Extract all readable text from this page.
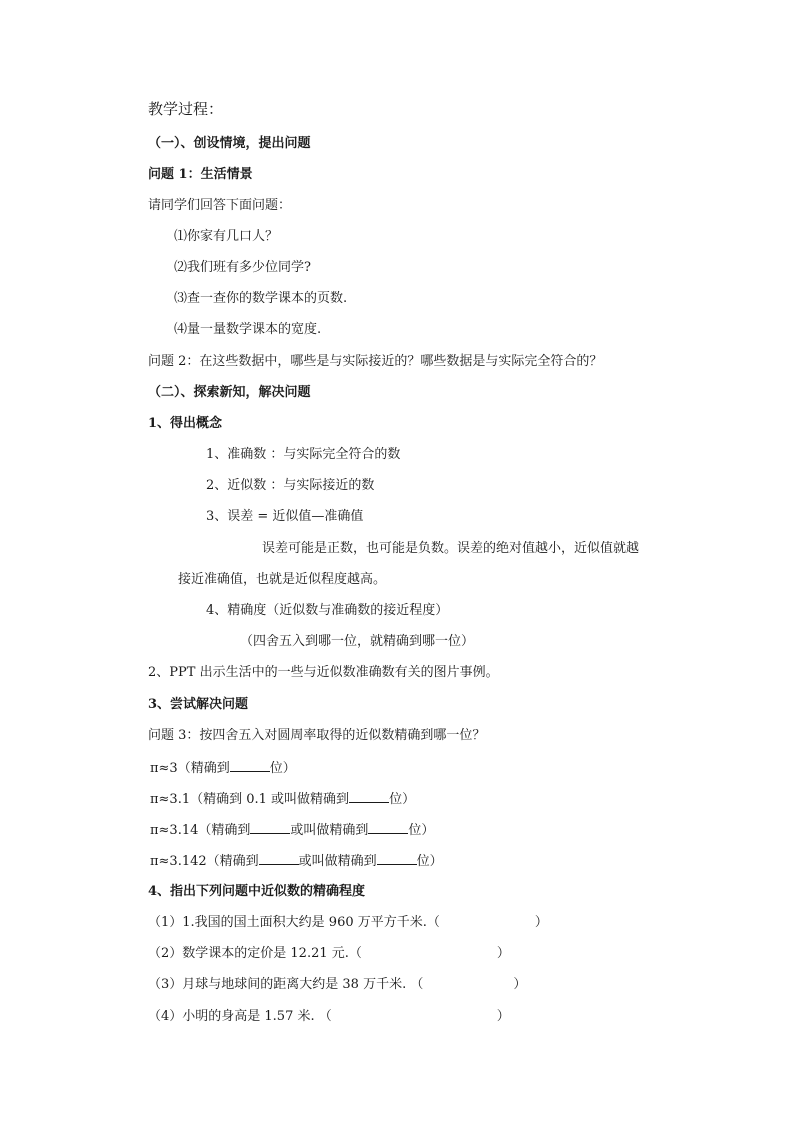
教学过程：
（一）、创设情境，提出问题
问题 1：生活情景
请同学们回答下面问题：
⑴你家有几口人？
⑵我们班有多少位同学?
⑶查一查你的数学课本的页数.
⑷量一量数学课本的宽度.
问题 2：在这些数据中，哪些是与实际接近的？哪些数据是与实际完全符合的？
（二）、探索新知，解决问题
1、得出概念
1、准确数 ：与实际完全符合的数
2、近似数 ：与实际接近的数
3、误差 = 近似值—准确值
误差可能是正数，也可能是负数。误差的绝对值越小，近似值就越
接近准确值，也就是近似程度越高。
4、精确度（近似数与准确数的接近程度）
（四舍五入到哪一位，就精确到哪一位）
2、PPT 出示生活中的一些与近似数准确数有关的图片事例。
3、尝试解决问题
问题 3：按四舍五入对圆周率取得的近似数精确到哪一位？
π≈3（精确到	位）
π≈3.1（精确到 0.1 或叫做精确到	位）
π≈3.14（精确到	或叫做精确到	位）
π≈3.142（精确到	或叫做精确到	位）
4、指出下列问题中近似数的精确程度
（1）1.我国的国土面积大约是 960 万平方千米.（	）
（2）数学课本的定价是 12.21 元.（	）
（3）月球与地球间的距离大约是 38 万千米. （	）
（4）小明的身高是 1.57 米. （	）
